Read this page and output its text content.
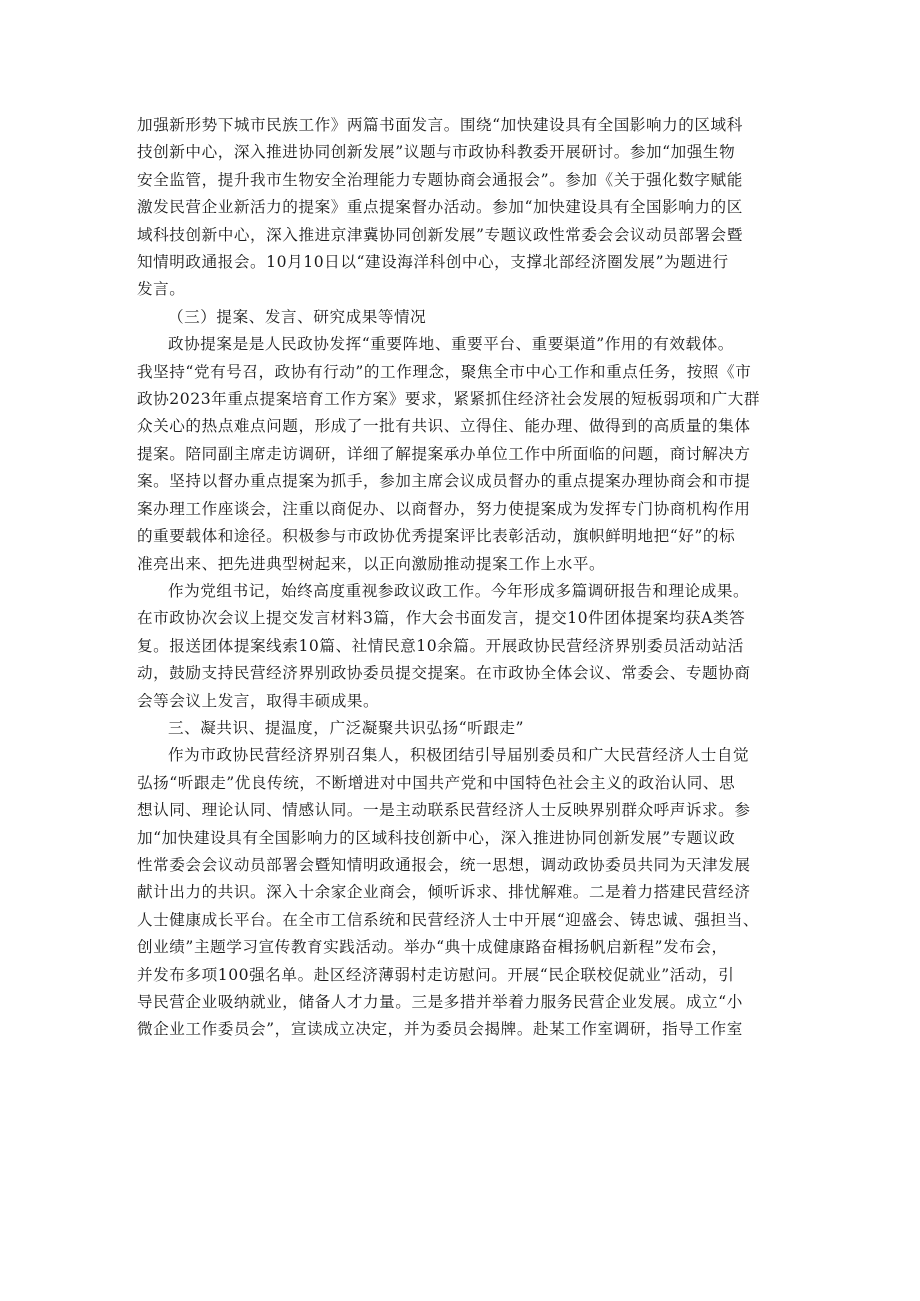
加强新形势下城市民族工作》两篇书面发言。围绕“加快建设具有全国影响力的区域科
技创新中心，深入推进协同创新发展”议题与市政协科教委开展研讨。参加“加强生物
安全监管，提升我市生物安全治理能力专题协商会通报会”。参加《关于强化数字赋能
激发民营企业新活力的提案》重点提案督办活动。参加“加快建设具有全国影响力的区
域科技创新中心，深入推进京津冀协同创新发展”专题议政性常委会会议动员部署会暨
知情明政通报会。10月10日以“建设海洋科创中心，支撑北部经济圈发展”为题进行
发言。
（三）提案、发言、研究成果等情况
政协提案是是人民政协发挥“重要阵地、重要平台、重要渠道”作用的有效载体。
我坚持“党有号召，政协有行动”的工作理念，聚焦全市中心工作和重点任务，按照《市
政协2023年重点提案培育工作方案》要求，紧紧抓住经济社会发展的短板弱项和广大群
众关心的热点难点问题，形成了一批有共识、立得住、能办理、做得到的高质量的集体
提案。陪同副主席走访调研，详细了解提案承办单位工作中所面临的问题，商讨解决方
案。坚持以督办重点提案为抓手，参加主席会议成员督办的重点提案办理协商会和市提
案办理工作座谈会，注重以商促办、以商督办，努力使提案成为发挥专门协商机构作用
的重要载体和途径。积极参与市政协优秀提案评比表彰活动，旗帜鲜明地把“好”的标
准亮出来、把先进典型树起来，以正向激励推动提案工作上水平。
作为党组书记，始终高度重视参政议政工作。今年形成多篇调研报告和理论成果。
在市政协次会议上提交发言材料3篇，作大会书面发言，提交10件团体提案均获A类答
复。报送团体提案线索10篇、社情民意10余篇。开展政协民营经济界别委员活动站活
动，鼓励支持民营经济界别政协委员提交提案。在市政协全体会议、常委会、专题协商
会等会议上发言，取得丰硕成果。
三、凝共识、提温度，广泛凝聚共识弘扬“听跟走”
作为市政协民营经济界别召集人，积极团结引导届别委员和广大民营经济人士自觉
弘扬“听跟走”优良传统，不断增进对中国共产党和中国特色社会主义的政治认同、思
想认同、理论认同、情感认同。一是主动联系民营经济人士反映界别群众呼声诉求。参
加“加快建设具有全国影响力的区域科技创新中心，深入推进协同创新发展”专题议政
性常委会会议动员部署会暨知情明政通报会，统一思想，调动政协委员共同为天津发展
献计出力的共识。深入十余家企业商会，倾听诉求、排忧解难。二是着力搭建民营经济
人士健康成长平台。在全市工信系统和民营经济人士中开展“迎盛会、铸忠诚、强担当、
创业绩”主题学习宣传教育实践活动。举办“典十成健康路奋楫扬帆启新程”发布会，
并发布多项100强名单。赴区经济薄弱村走访慰问。开展“民企联校促就业”活动，引
导民营企业吸纳就业，储备人才力量。三是多措并举着力服务民营企业发展。成立“小
微企业工作委员会”，宣读成立决定，并为委员会揭牌。赴某工作室调研，指导工作室
